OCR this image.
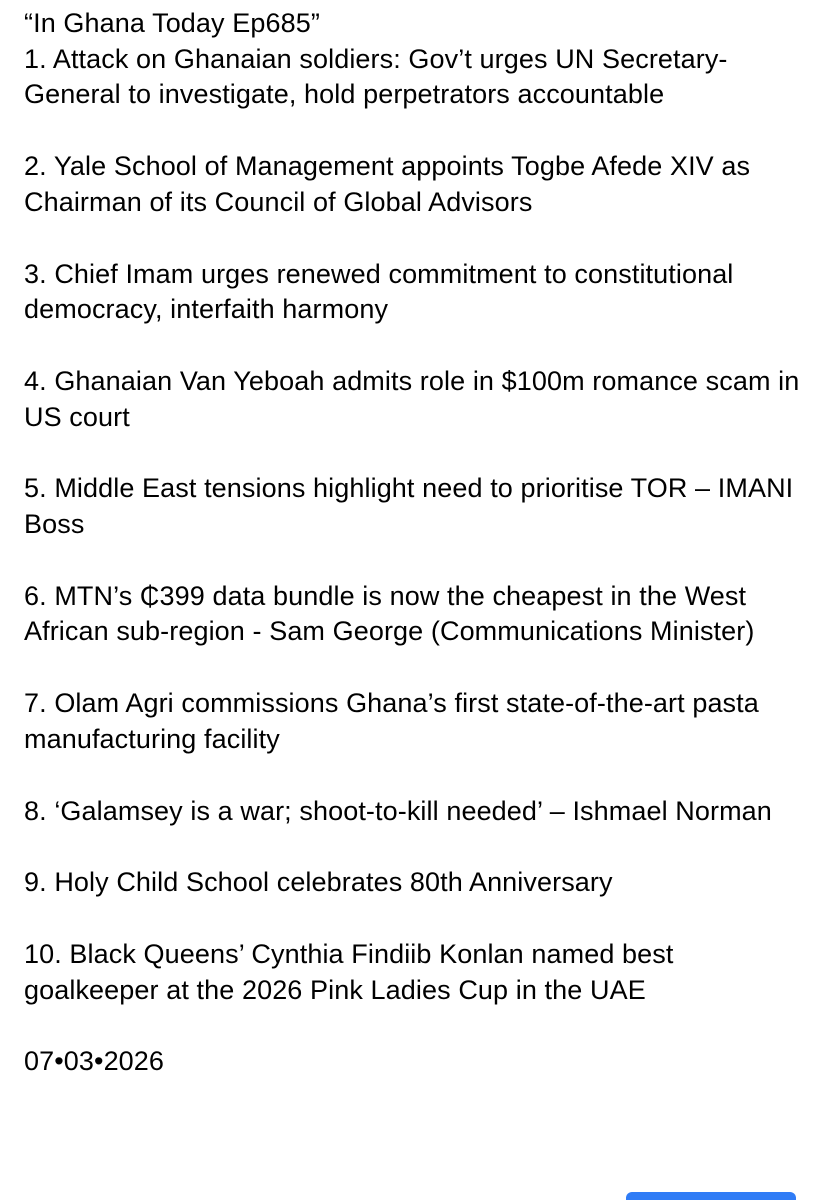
“In Ghana Today Ep685”
1. Attack on Ghanaian soldiers: Gov’t urges UN Secretary-General to investigate, hold perpetrators accountable
2. Yale School of Management appoints Togbe Afede XIV as Chairman of its Council of Global Advisors
3. Chief Imam urges renewed commitment to constitutional democracy, interfaith harmony
4. Ghanaian Van Yeboah admits role in $100m romance scam in US court
5. Middle East tensions highlight need to prioritise TOR – IMANI Boss
6. MTN’s ₵399 data bundle is now the cheapest in the West African sub-region - Sam George (Communications Minister)
7. Olam Agri commissions Ghana’s first state-of-the-art pasta manufacturing facility
8. ‘Galamsey is a war; shoot-to-kill needed’ – Ishmael Norman
9. Holy Child School celebrates 80th Anniversary
10. Black Queens’ Cynthia Findiib Konlan named best goalkeeper at the 2026 Pink Ladies Cup in the UAE
07•03•2026
